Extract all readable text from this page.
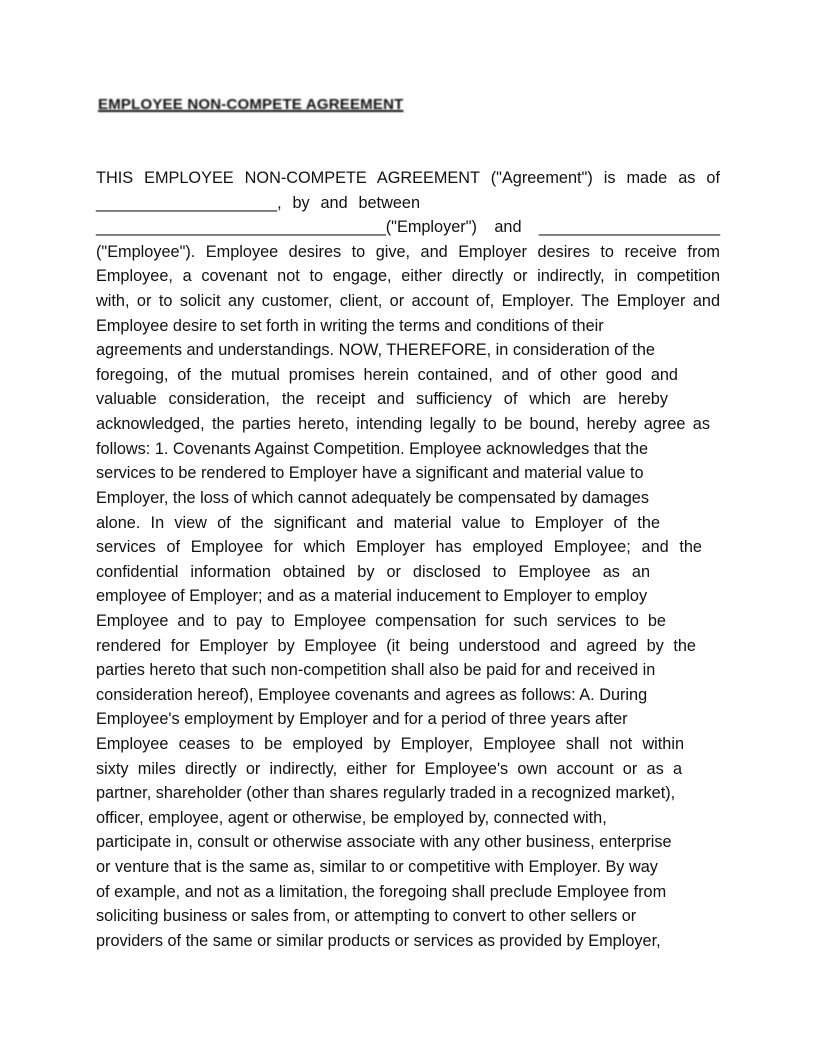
EMPLOYEE NON-COMPETE AGREEMENT
THIS EMPLOYEE NON-COMPETE AGREEMENT ("Agreement") is made as of
____________________, by and between
________________________________("Employer") and ____________________
("Employee"). Employee desires to give, and Employer desires to receive from
Employee, a covenant not to engage, either directly or indirectly, in competition
with, or to solicit any customer, client, or account of, Employer. The Employer and
Employee desire to set forth in writing the terms and conditions of their
agreements and understandings. NOW, THEREFORE, in consideration of the
foregoing, of the mutual promises herein contained, and of other good and
valuable consideration, the receipt and sufficiency of which are hereby
acknowledged, the parties hereto, intending legally to be bound, hereby agree as
follows: 1. Covenants Against Competition. Employee acknowledges that the
services to be rendered to Employer have a significant and material value to
Employer, the loss of which cannot adequately be compensated by damages
alone. In view of the significant and material value to Employer of the
services of Employee for which Employer has employed Employee; and the
confidential information obtained by or disclosed to Employee as an
employee of Employer; and as a material inducement to Employer to employ
Employee and to pay to Employee compensation for such services to be
rendered for Employer by Employee (it being understood and agreed by the
parties hereto that such non-competition shall also be paid for and received in
consideration hereof), Employee covenants and agrees as follows: A. During
Employee's employment by Employer and for a period of three years after
Employee ceases to be employed by Employer, Employee shall not within
sixty miles directly or indirectly, either for Employee's own account or as a
partner, shareholder (other than shares regularly traded in a recognized market),
officer, employee, agent or otherwise, be employed by, connected with,
participate in, consult or otherwise associate with any other business, enterprise
or venture that is the same as, similar to or competitive with Employer. By way
of example, and not as a limitation, the foregoing shall preclude Employee from
soliciting business or sales from, or attempting to convert to other sellers or
providers of the same or similar products or services as provided by Employer,
